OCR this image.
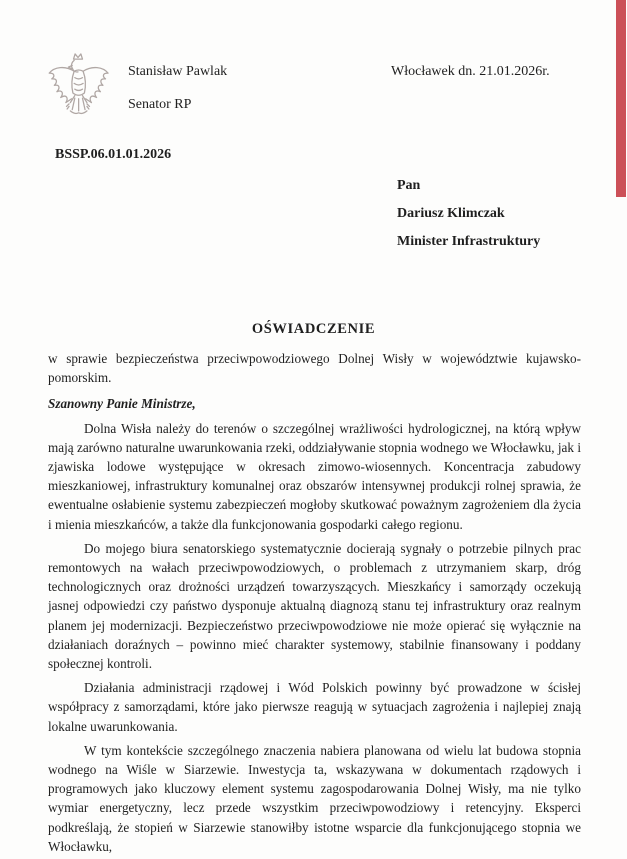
Stanisław Pawlak
Senator RP
Włocławek dn. 21.01.2026r.
BSSP.06.01.01.2026
Pan
Dariusz Klimczak
Minister Infrastruktury
OŚWIADCZENIE

w sprawie bezpieczeństwa przeciwpowodziowego Dolnej Wisły w województwie kujawsko-pomorskim.

Szanowny Panie Ministrze,

Dolna Wisła należy do terenów o szczególnej wrażliwości hydrologicznej, na którą wpływ mają zarówno naturalne uwarunkowania rzeki, oddziaływanie stopnia wodnego we Włocławku, jak i zjawiska lodowe występujące w okresach zimowo-wiosennych. Koncentracja zabudowy mieszkaniowej, infrastruktury komunalnej oraz obszarów intensywnej produkcji rolnej sprawia, że ewentualne osłabienie systemu zabezpieczeń mogłoby skutkować poważnym zagrożeniem dla życia i mienia mieszkańców, a także dla funkcjonowania gospodarki całego regionu.

Do mojego biura senatorskiego systematycznie docierają sygnały o potrzebie pilnych prac remontowych na wałach przeciwpowodziowych, o problemach z utrzymaniem skarp, dróg technologicznych oraz drożności urządzeń towarzyszących. Mieszkańcy i samorządy oczekują jasnej odpowiedzi czy państwo dysponuje aktualną diagnozą stanu tej infrastruktury oraz realnym planem jej modernizacji. Bezpieczeństwo przeciwpowodziowe nie może opierać się wyłącznie na działaniach doraźnych – powinno mieć charakter systemowy, stabilnie finansowany i poddany społecznej kontroli.

Działania administracji rządowej i Wód Polskich powinny być prowadzone w ścisłej współpracy z samorządami, które jako pierwsze reagują w sytuacjach zagrożenia i najlepiej znają lokalne uwarunkowania.

W tym kontekście szczególnego znaczenia nabiera planowana od wielu lat budowa stopnia wodnego na Wiśle w Siarzewie. Inwestycja ta, wskazywana w dokumentach rządowych i programowych jako kluczowy element systemu zagospodarowania Dolnej Wisły, ma nie tylko wymiar energetyczny, lecz przede wszystkim przeciwpowodziowy i retencyjny. Eksperci podkreślają, że stopień w Siarzewie stanowiłby istotne wsparcie dla funkcjonującego stopnia we Włocławku,
